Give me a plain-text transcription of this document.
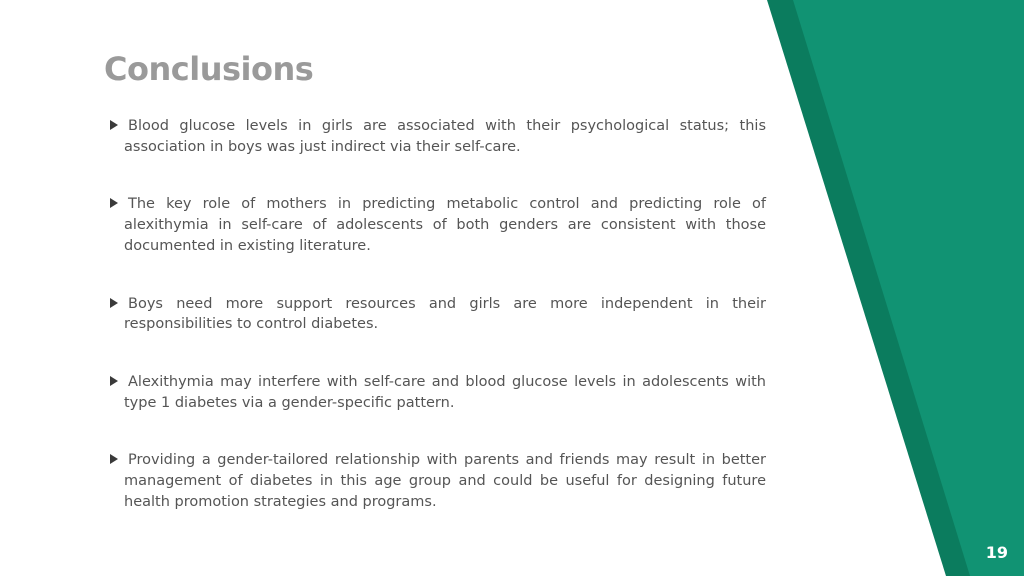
Conclusions
Blood glucose levels in girls are associated with their psychological status; this association in boys was just indirect via their self-care.
The key role of mothers in predicting metabolic control and predicting role of alexithymia in self-care of adolescents of both genders are consistent with those documented in existing literature.
Boys need more support resources and girls are more independent in their responsibilities to control diabetes.
Alexithymia may interfere with self-care and blood glucose levels in adolescents with type 1 diabetes via a gender-specific pattern.
Providing a gender-tailored relationship with parents and friends may result in better management of diabetes in this age group and could be useful for designing future health promotion strategies and programs.
19
